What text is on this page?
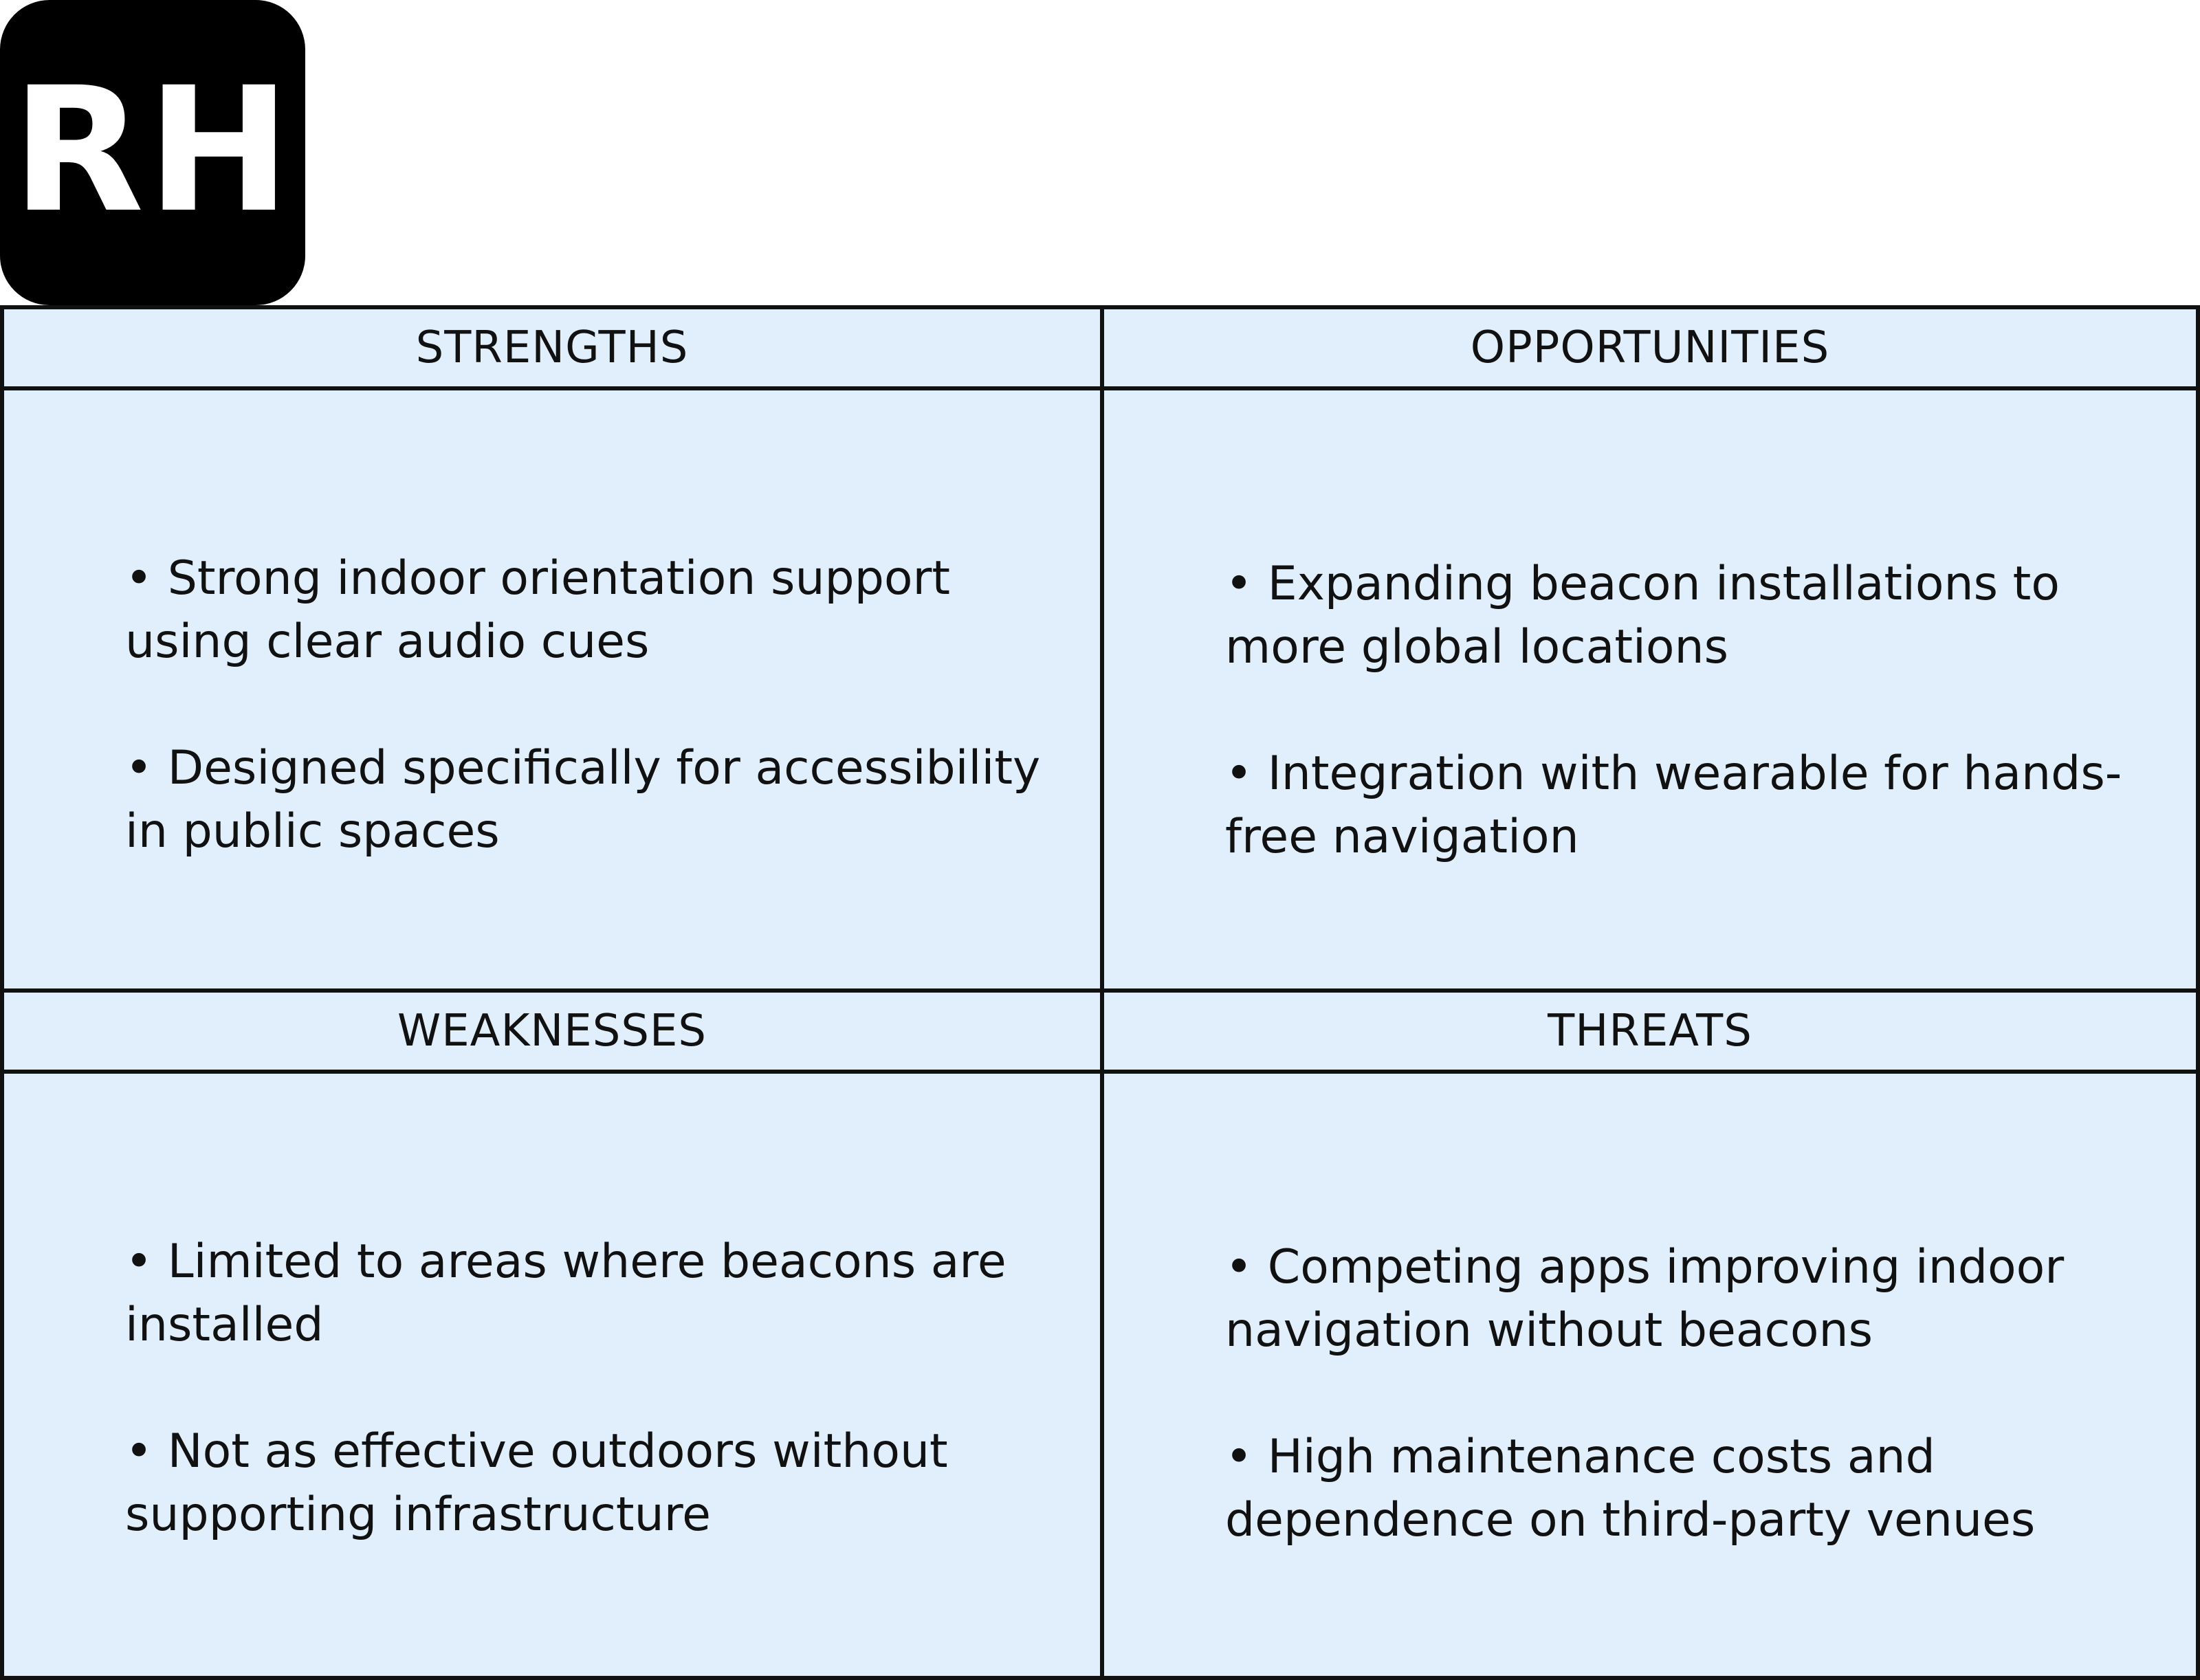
RH
STRENGTHS	OPPORTUNITIES
• Strong indoor orientation support using clear audio cues
• Designed specifically for accessibility in public spaces
• Expanding beacon installations to more global locations
• Integration with wearable for hands-free navigation
WEAKNESSES	THREATS
• Limited to areas where beacons are installed
• Not as effective outdoors without supporting infrastructure
• Competing apps improving indoor navigation without beacons
• High maintenance costs and dependence on third-party venues
